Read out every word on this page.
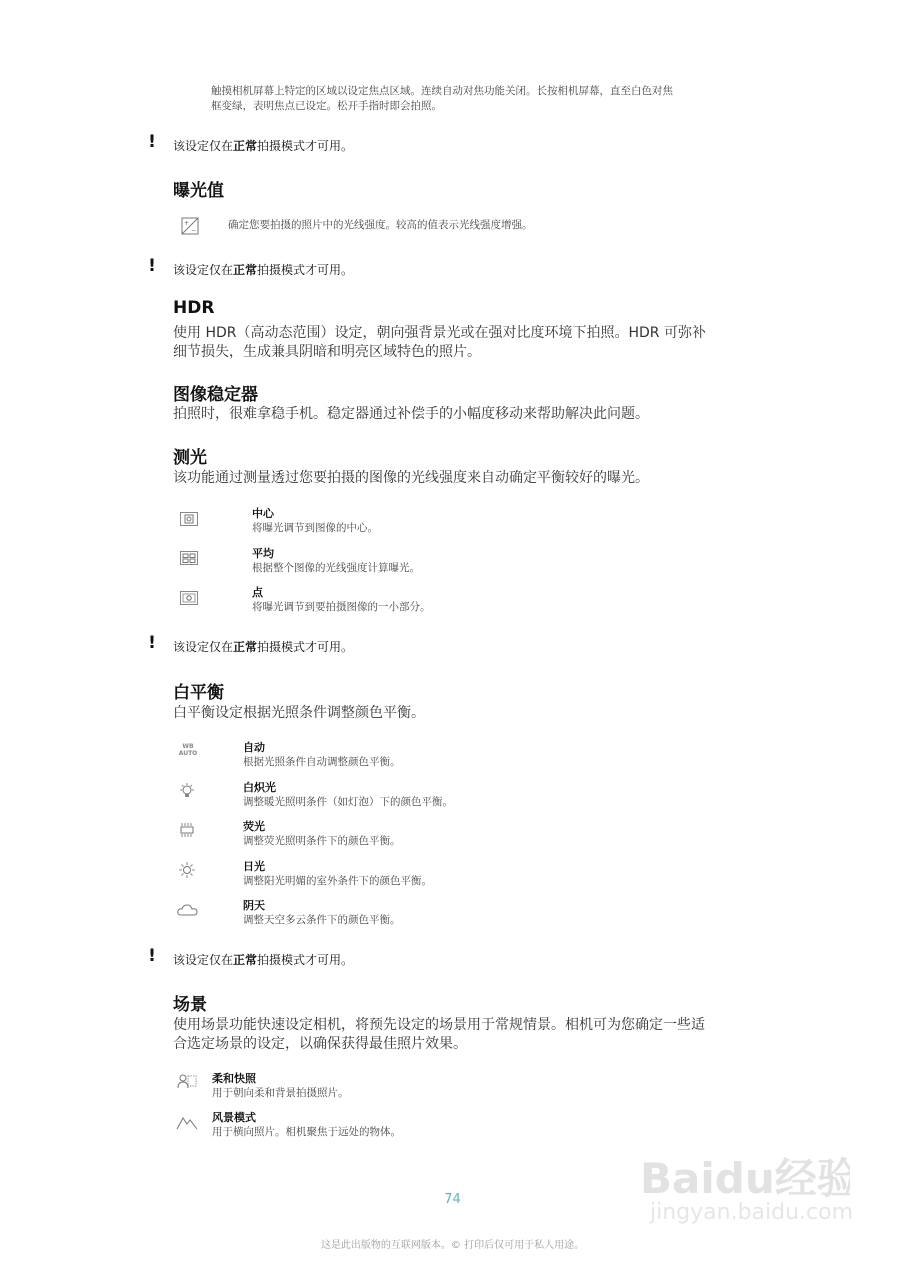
触摸相机屏幕上特定的区域以设定焦点区域。连续自动对焦功能关闭。长按相机屏幕，直至白色对焦
框变绿，表明焦点已设定。松开手指时即会拍照。
! 该设定仅在正常拍摄模式才可用。
曝光值
+
−	确定您要拍摄的照片中的光线强度。较高的值表示光线强度增强。
! 该设定仅在正常拍摄模式才可用。
HDR
使用 HDR（高动态范围）设定，朝向强背景光或在强对比度环境下拍照。HDR 可弥补
细节损失，生成兼具阴暗和明亮区域特色的照片。
图像稳定器
拍照时，很难拿稳手机。稳定器通过补偿手的小幅度移动来帮助解决此问题。
测光
该功能通过测量透过您要拍摄的图像的光线强度来自动确定平衡较好的曝光。
中心
将曝光调节到图像的中心。
平均
根据整个图像的光线强度计算曝光。
点
将曝光调节到要拍摄图像的一小部分。
! 该设定仅在正常拍摄模式才可用。
白平衡
白平衡设定根据光照条件调整颜色平衡。
WB AUTO	自动
根据光照条件自动调整颜色平衡。
白炽光
调整暖光照明条件（如灯泡）下的颜色平衡。
荧光
调整荧光照明条件下的颜色平衡。
日光
调整阳光明媚的室外条件下的颜色平衡。
阴天
调整天空多云条件下的颜色平衡。
! 该设定仅在正常拍摄模式才可用。
场景
使用场景功能快速设定相机，将预先设定的场景用于常规情景。相机可为您确定一些适
合选定场景的设定，以确保获得最佳照片效果。
柔和快照
用于朝向柔和背景拍摄照片。
风景模式
用于横向照片。相机聚焦于远处的物体。
74
这是此出版物的互联网版本。© 打印后仅可用于私人用途。
Baidu经验
jingyan.baidu.com
